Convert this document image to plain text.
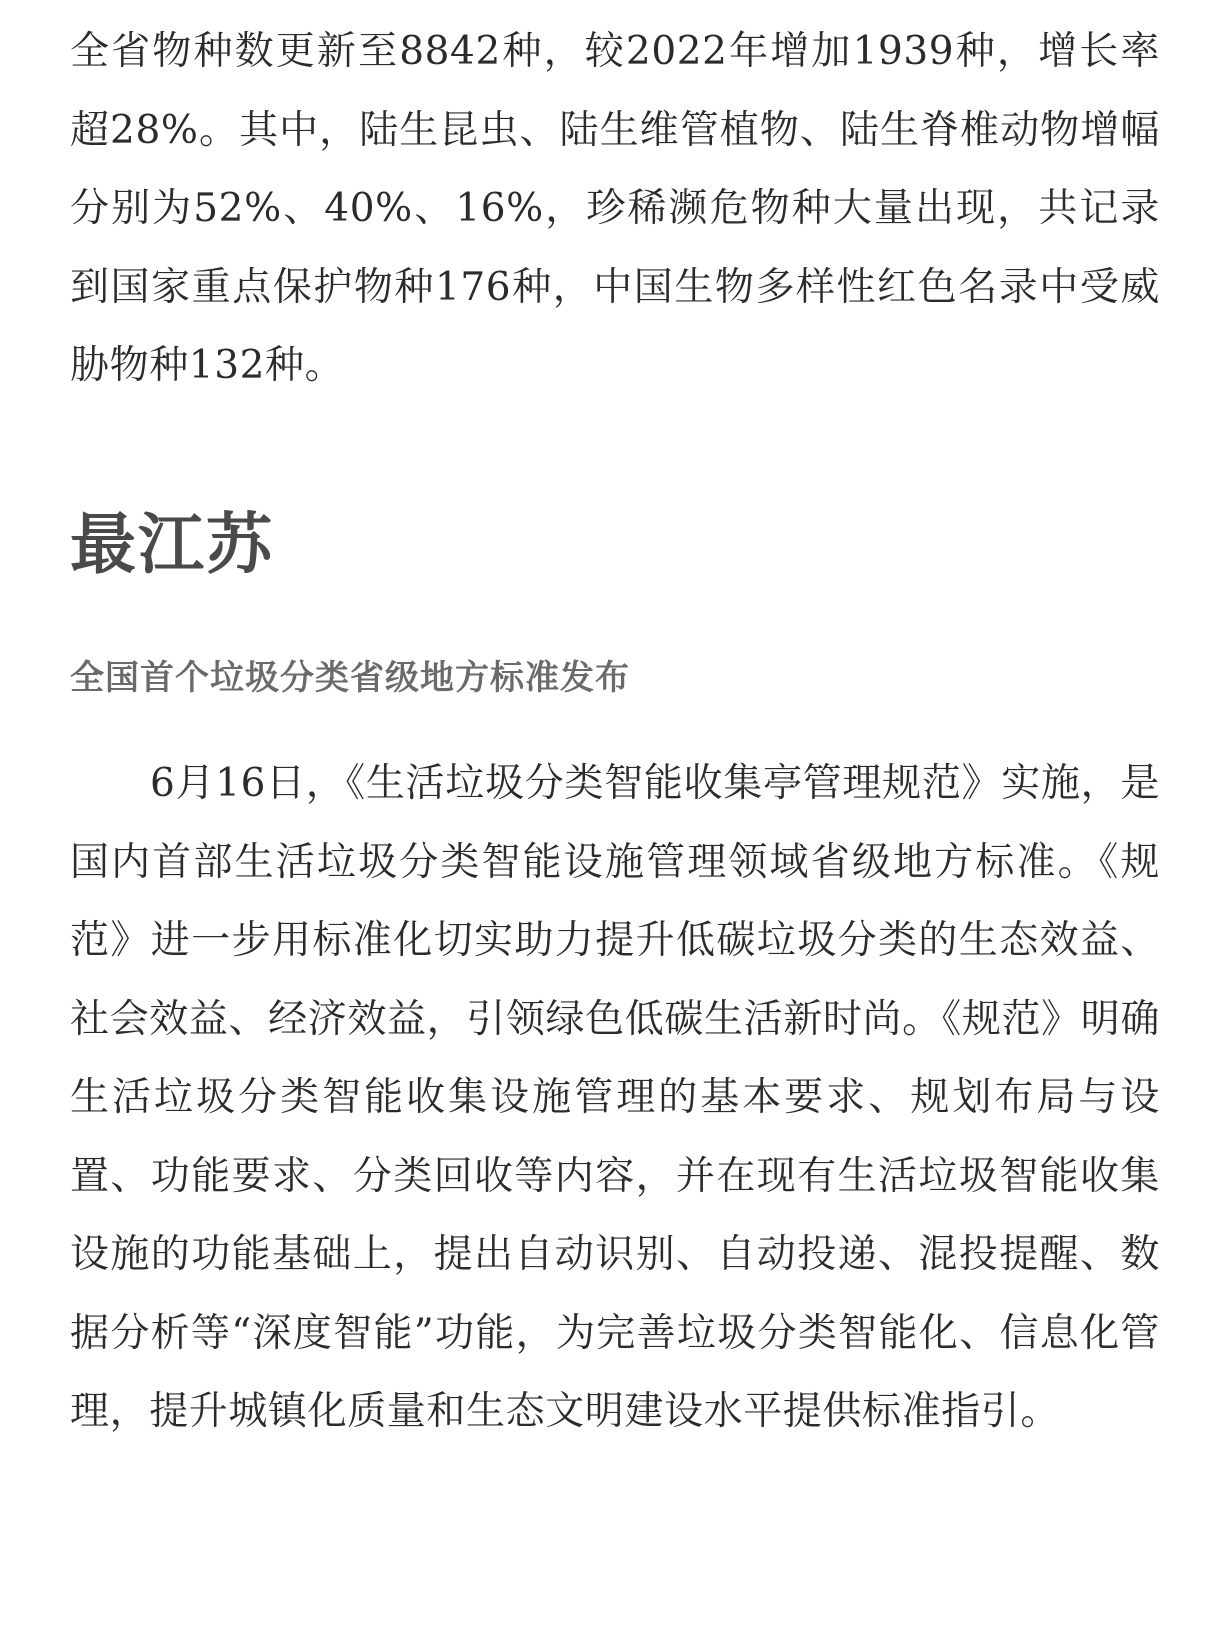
全省物种数更新至8842种，较2022年增加1939种，增长率超28%。其中，陆生昆虫、陆生维管植物、陆生脊椎动物增幅分别为52%、40%、16%，珍稀濒危物种大量出现，共记录到国家重点保护物种176种，中国生物多样性红色名录中受威胁物种132种。

最江苏
全国首个垃圾分类省级地方标准发布

6月16日，《生活垃圾分类智能收集亭管理规范》实施，是国内首部生活垃圾分类智能设施管理领域省级地方标准。《规范》进一步用标准化切实助力提升低碳垃圾分类的生态效益、社会效益、经济效益，引领绿色低碳生活新时尚。《规范》明确生活垃圾分类智能收集设施管理的基本要求、规划布局与设置、功能要求、分类回收等内容，并在现有生活垃圾智能收集设施的功能基础上，提出自动识别、自动投递、混投提醒、数据分析等“深度智能”功能，为完善垃圾分类智能化、信息化管理，提升城镇化质量和生态文明建设水平提供标准指引。
